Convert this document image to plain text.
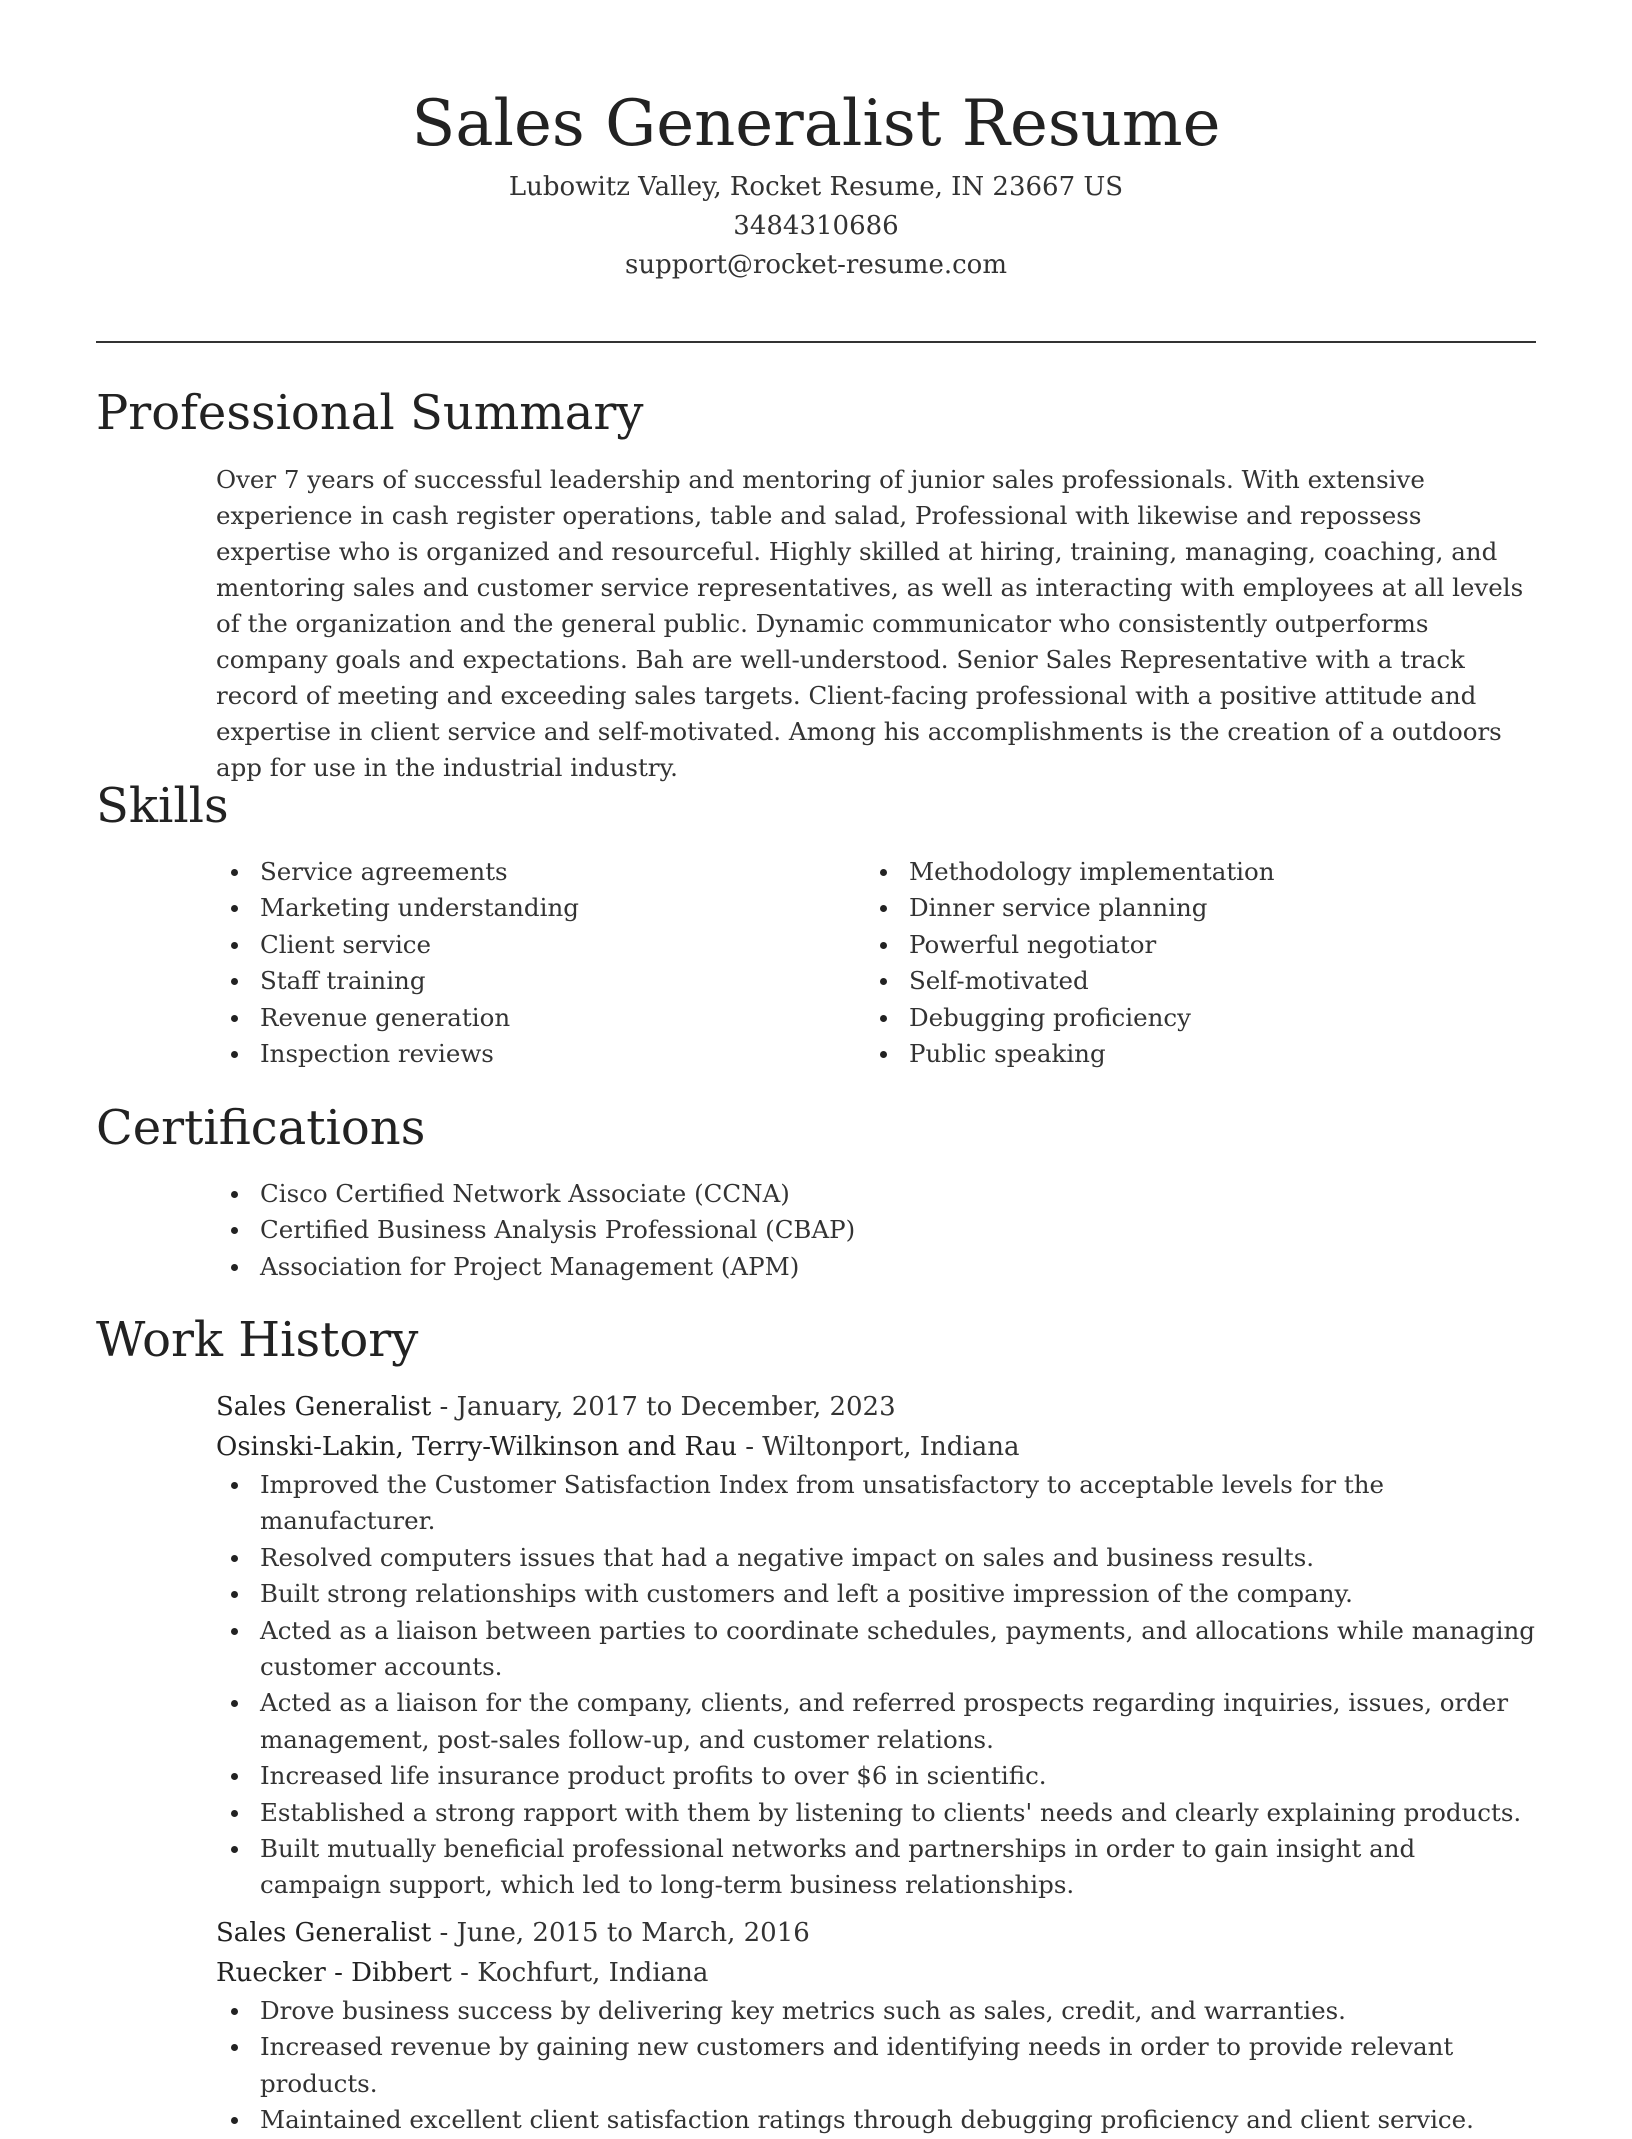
Sales Generalist Resume
Lubowitz Valley, Rocket Resume, IN 23667 US
3484310686
support@rocket-resume.com
Professional Summary

Over 7 years of successful leadership and mentoring of junior sales professionals. With extensive experience in cash register operations, table and salad, Professional with likewise and repossess expertise who is organized and resourceful. Highly skilled at hiring, training, managing, coaching, and mentoring sales and customer service representatives, as well as interacting with employees at all levels of the organization and the general public. Dynamic communicator who consistently outperforms company goals and expectations. Bah are well-understood. Senior Sales Representative with a track record of meeting and exceeding sales targets. Client-facing professional with a positive attitude and expertise in client service and self-motivated. Among his accomplishments is the creation of a outdoors app for use in the industrial industry.

Skills
Service agreements
Marketing understanding
Client service
Staff training
Revenue generation
Inspection reviews
Methodology implementation
Dinner service planning
Powerful negotiator
Self-motivated
Debugging proficiency
Public speaking
Certifications
Cisco Certified Network Associate (CCNA)
Certified Business Analysis Professional (CBAP)
Association for Project Management (APM)
Work History
Sales Generalist - January, 2017 to December, 2023
Osinski-Lakin, Terry-Wilkinson and Rau - Wiltonport, Indiana
Improved the Customer Satisfaction Index from unsatisfactory to acceptable levels for the manufacturer.
Resolved computers issues that had a negative impact on sales and business results.
Built strong relationships with customers and left a positive impression of the company.
Acted as a liaison between parties to coordinate schedules, payments, and allocations while managing customer accounts.
Acted as a liaison for the company, clients, and referred prospects regarding inquiries, issues, order management, post-sales follow-up, and customer relations.
Increased life insurance product profits to over $6 in scientific.
Established a strong rapport with them by listening to clients' needs and clearly explaining products.
Built mutually beneficial professional networks and partnerships in order to gain insight and campaign support, which led to long-term business relationships.
Sales Generalist - June, 2015 to March, 2016
Ruecker - Dibbert - Kochfurt, Indiana
Drove business success by delivering key metrics such as sales, credit, and warranties.
Increased revenue by gaining new customers and identifying needs in order to provide relevant products.
Maintained excellent client satisfaction ratings through debugging proficiency and client service.
